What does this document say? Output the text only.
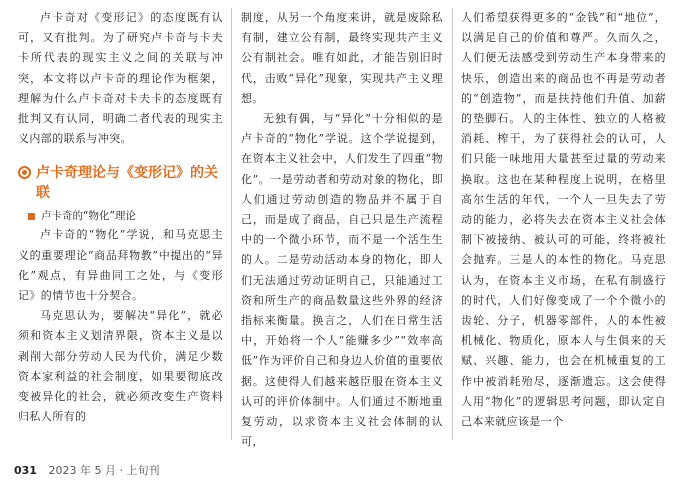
卢卡奇对《变形记》的态度既有认可，又有批判。为了研究卢卡奇与卡夫卡所代表的现实主义之间的关联与冲突，本文将以卢卡奇的理论作为框架，理解为什么卢卡奇对卡夫卡的态度既有批判又有认同，明确二者代表的现实主义内部的联系与冲突。

卢卡奇理论与《变形记》的关联
卢卡奇的“物化”理论

卢卡奇的“物化”学说，和马克思主义的重要理论“商品拜物教”中提出的“异化”观点，有异曲同工之处，与《变形记》的情节也十分契合。

马克思认为，要解决“异化”，就必须和资本主义划清界限，资本主义是以剥削大部分劳动人民为代价，满足少数资本家利益的社会制度，如果要彻底改变被异化的社会，就必须改变生产资料归私人所有的

制度，从另一个角度来讲，就是废除私有制，建立公有制，最终实现共产主义公有制社会。唯有如此，才能告别旧时代，击败“异化”现象，实现共产主义理想。

无独有偶，与“异化”十分相似的是卢卡奇的“物化”学说。这个学说提到，在资本主义社会中，人们发生了四重“物化”。一是劳动者和劳动对象的物化，即人们通过劳动创造的物品并不属于自己，而是成了商品，自己只是生产流程中的一个微小环节，而不是一个活生生的人。二是劳动活动本身的物化，即人们无法通过劳动证明自己，只能通过工资和所生产的商品数量这些外界的经济指标来衡量。换言之，人们在日常生活中，开始将一个人“能赚多少”“效率高低”作为评价自己和身边人价值的重要依据。这使得人们越来越臣服在资本主义认可的评价体制中。人们通过不断地重复劳动，以求资本主义社会体制的认可，

人们希望获得更多的“金钱”和“地位”，以满足自己的价值和尊严。久而久之，人们便无法感受到劳动生产本身带来的快乐，创造出来的商品也不再是劳动者的“创造物”，而是扶持他们升值、加薪的垫脚石。人的主体性、独立的人格被消耗、榨干，为了获得社会的认可，人们只能一味地用大量甚至过量的劳动来换取。这也在某种程度上说明，在格里高尔生活的年代，一个人一旦失去了劳动的能力，必将失去在资本主义社会体制下被接纳、被认可的可能，终将被社会抛弃。三是人的本性的物化。马克思认为，在资本主义市场，在私有制盛行的时代，人们好像变成了一个个微小的齿轮、分子，机器零部件，人的本性被机械化、物质化，原本人与生俱来的天赋、兴趣、能力，也会在机械重复的工作中被消耗殆尽，逐渐遗忘。这会使得人用“物化”的逻辑思考问题，即认定自己本来就应该是一个

031 2023 年 5 月 · 上旬刊
